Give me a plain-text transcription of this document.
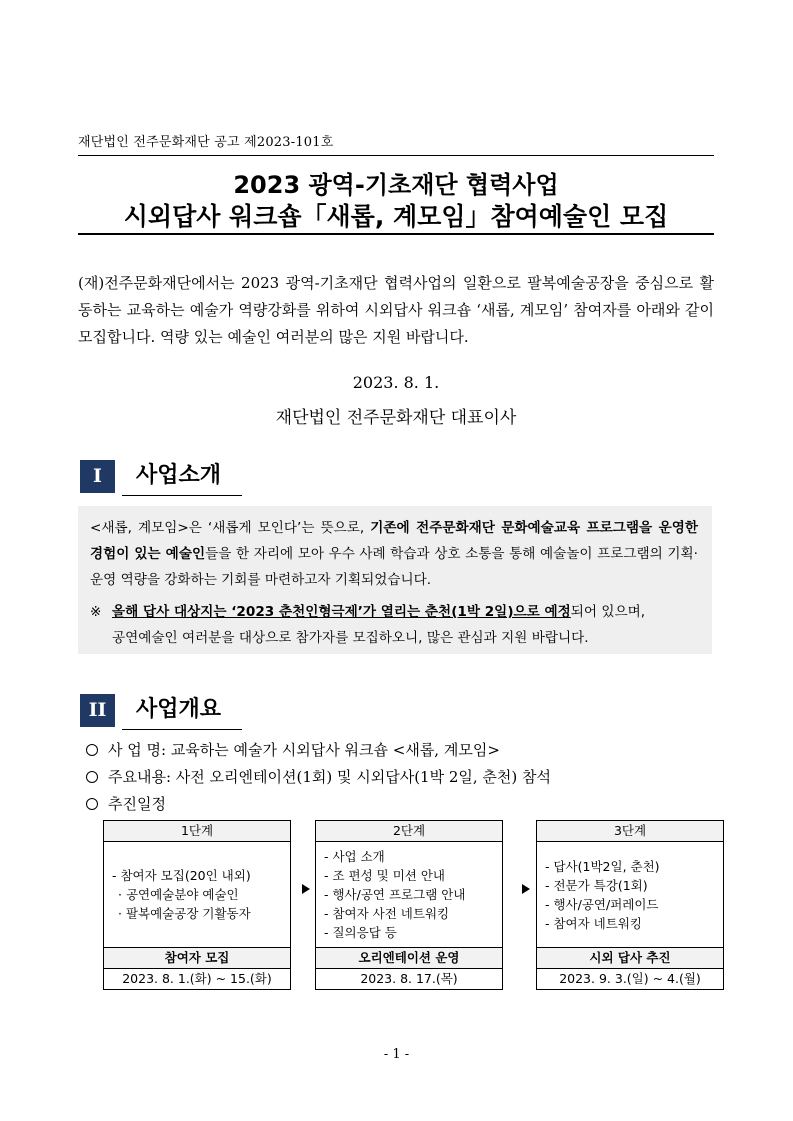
재단법인 전주문화재단 공고 제2023-101호
2023 광역-기초재단 협력사업
시외답사 워크숍「새롭, 계모임」참여예술인 모집

(재)전주문화재단에서는 2023 광역-기초재단 협력사업의 일환으로 팔복예술공장을 중심으로 활동하는 교육하는 예술가 역량강화를 위하여 시외답사 워크숍 ‘새롭, 계모임’ 참여자를 아래와 같이 모집합니다. 역량 있는 예술인 여러분의 많은 지원 바랍니다.

2023. 8. 1.
재단법인 전주문화재단 대표이사
I	사업소개

<새롭, 계모임>은 ‘새롭게 모인다’는 뜻으로, 기존에 전주문화재단 문화예술교육 프로그램을 운영한 경험이 있는 예술인들을 한 자리에 모아 우수 사례 학습과 상호 소통을 통해 예술놀이 프로그램의 기획·운영 역량을 강화하는 기회를 마련하고자 기획되었습니다.

※ 올해 답사 대상지는 ‘2023 춘천인형극제’가 열리는 춘천(1박 2일)으로 예정되어 있으며,

공연예술인 여러분을 대상으로 참가자를 모집하오니, 많은 관심과 지원 바랍니다.

II	사업개요
사 업 명: 교육하는 예술가 시외답사 워크숍 <새롭, 계모임>
주요내용: 사전 오리엔테이션(1회) 및 시외답사(1박 2일, 춘천) 참석
추진일정
1단계
- 참여자 모집(20인 내외)
· 공연예술분야 예술인
· 팔복예술공장 기활동자
참여자 모집
2023. 8. 1.(화) ~ 15.(화)
2단계
- 사업 소개
- 조 편성 및 미션 안내
- 행사/공연 프로그램 안내
- 참여자 사전 네트워킹
- 질의응답 등
오리엔테이션 운영
2023. 8. 17.(목)
3단계
- 답사(1박2일, 춘천)
- 전문가 특강(1회)
- 행사/공연/퍼레이드
- 참여자 네트워킹
시외 답사 추진
2023. 9. 3.(일) ~ 4.(월)
- 1 -
